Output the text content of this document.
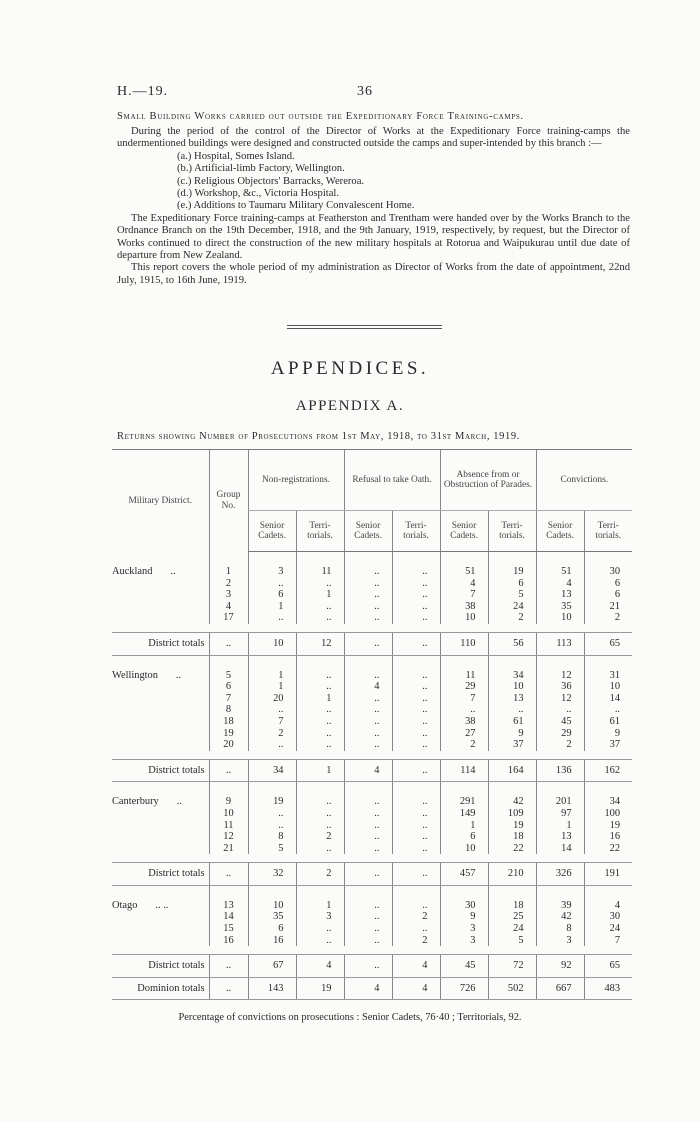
H.—19.	36
Small Building Works carried out outside the Expeditionary Force Training-camps.

During the period of the control of the Director of Works at the Expeditionary Force training-camps the undermentioned buildings were designed and constructed outside the camps and super-intended by this branch :—

(a.) Hospital, Somes Island.

(b.) Artificial-limb Factory, Wellington.

(c.) Religious Objectors' Barracks, Wereroa.

(d.) Workshop, &c., Victoria Hospital.

(e.) Additions to Taumaru Military Convalescent Home.

The Expeditionary Force training-camps at Featherston and Trentham were handed over by the Works Branch to the Ordnance Branch on the 19th December, 1918, and the 9th January, 1919, respectively, by request, but the Director of Works continued to direct the construction of the new military hospitals at Rotorua and Waipukurau until due date of departure from New Zealand.

This report covers the whole period of my administration as Director of Works from the date of appointment, 22nd July, 1915, to 16th June, 1919.

APPENDICES.
APPENDIX A.
Returns showing Number of Prosecutions from 1st May, 1918, to 31st March, 1919.
Military District.	Group No.	Non-registrations.		Refusal to take Oath.		Absence from or Obstruction of Parades.		Convictions.	
		Senior Cadets.	Terri-torials.	Senior Cadets.	Terri-torials.	Senior Cadets.	Terri-torials.	Senior Cadets.	Terri-torials.
Auckland ..	1	3	11	..	..	51	19	51	30
	2	..	..	..	..	4	6	4	6
	3	6	1	..	..	7	5	13	6
	4	1	..	..	..	38	24	35	21
	17	..	..	..	..	10	2	10	2

District totals	..	10	12	..	..	110	56	113	65
Wellington ..	5	1	..	..	..	11	34	12	31
	6	1	..	4	..	29	10	36	10
	7	20	1	..	..	7	13	12	14
	8	..	..	..	..	..	..	..	..
	18	7	..	..	..	38	61	45	61
	19	2	..	..	..	27	9	29	9
	20	..	..	..	..	2	37	2	37

District totals	..	34	1	4	..	114	164	136	162
Canterbury ..	9	19	..	..	..	291	42	201	34
	10	..	..	..	..	149	109	97	100
	11	..	..	..	..	1	19	1	19
	12	8	2	..	..	6	18	13	16
	21	5	..	..	..	10	22	14	22

District totals	..	32	2	..	..	457	210	326	191
Otago .. ..	13	10	1	..	..	30	18	39	4
	14	35	3	..	2	9	25	42	30
	15	6	..	..	..	3	24	8	24
	16	16	..	..	2	3	5	3	7

District totals	..	67	4	..	4	45	72	92	65
Dominion totals	..	143	19	4	4	726	502	667	483
Percentage of convictions on prosecutions : Senior Cadets, 76·40 ; Territorials, 92.
